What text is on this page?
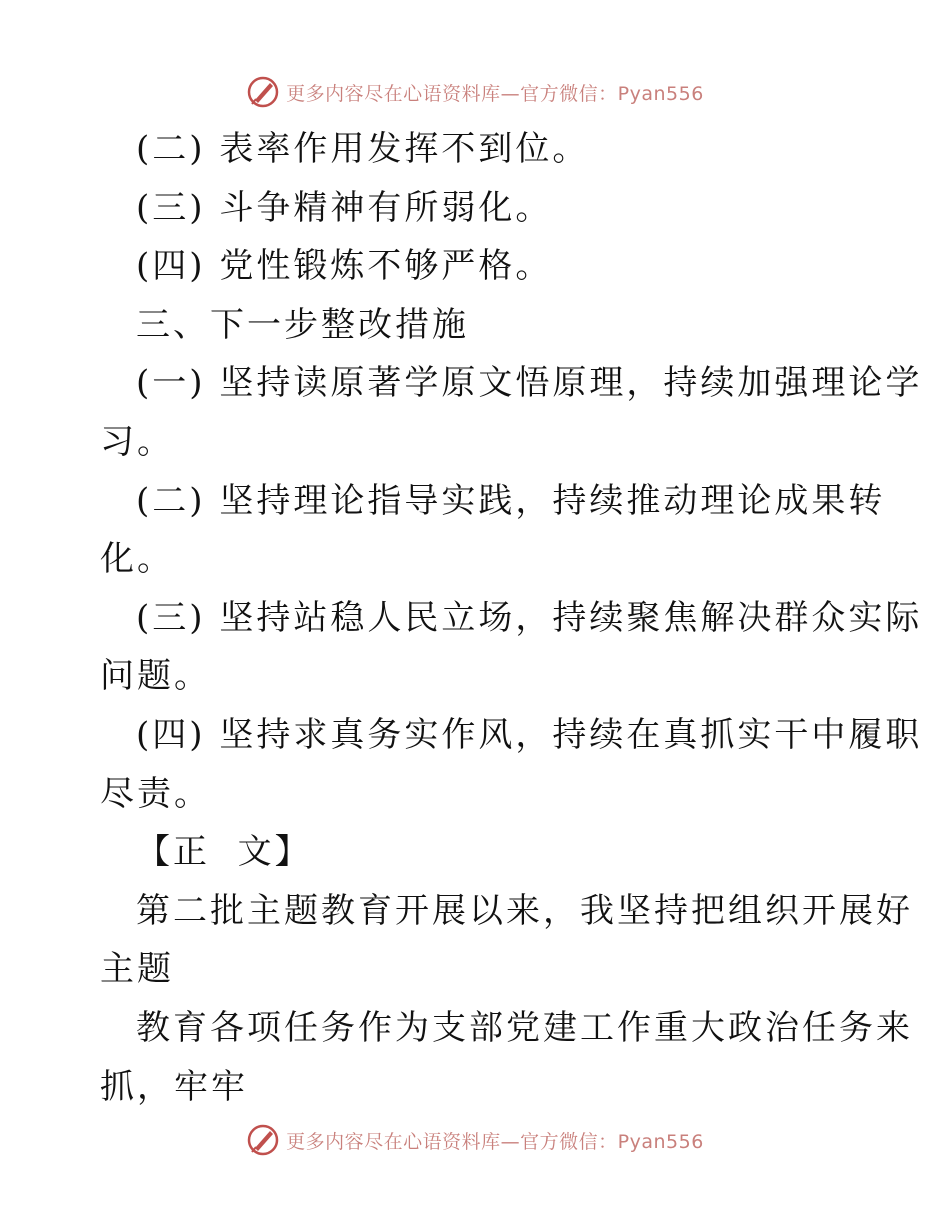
更多内容尽在心语资料库—官方微信：Pyan556
(二) 表率作用发挥不到位。
(三) 斗争精神有所弱化。
(四) 党性锻炼不够严格。
三、下一步整改措施
(一) 坚持读原著学原文悟原理，持续加强理论学
习。
(二) 坚持理论指导实践，持续推动理论成果转
化。
(三) 坚持站稳人民立场，持续聚焦解决群众实际
问题。
(四) 坚持求真务实作风，持续在真抓实干中履职
尽责。
【正  文】
第二批主题教育开展以来，我坚持把组织开展好
主题
教育各项任务作为支部党建工作重大政治任务来
抓，牢牢
更多内容尽在心语资料库—官方微信：Pyan556
